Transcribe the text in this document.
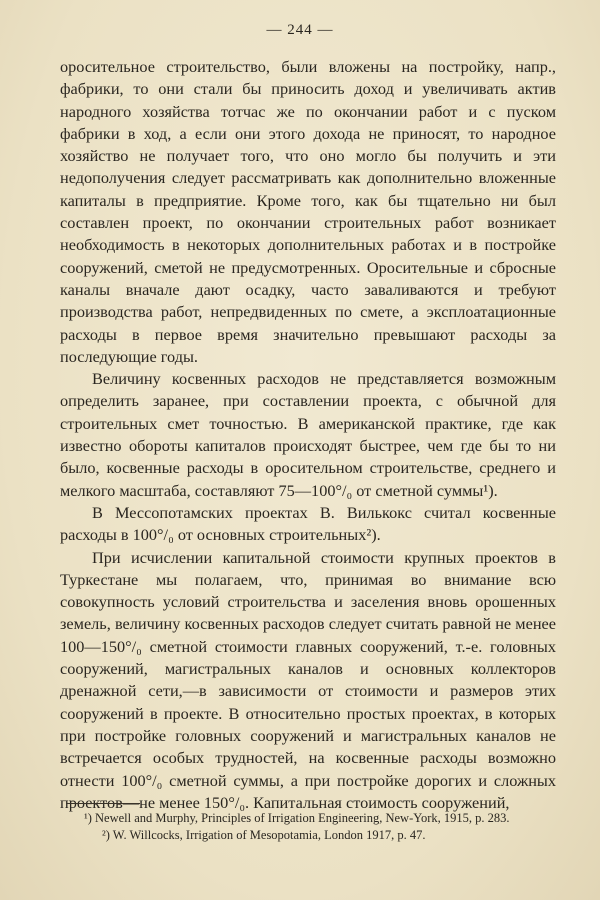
— 244 —

оросительное строительство, были вложены на постройку, напр., фабрики, то они стали бы приносить доход и увеличивать актив народного хозяйства тотчас же по окончании работ и с пуском фабрики в ход, а если они этого дохода не приносят, то народное хозяйство не получает того, что оно могло бы получить и эти недополучения следует рассматривать как дополнительно вложенные капиталы в предприятие. Кроме того, как бы тщательно ни был составлен проект, по окончании строительных работ возникает необходимость в некоторых дополнительных работах и в постройке сооружений, сметой не предусмотренных. Оросительные и сбросные каналы вначале дают осадку, часто заваливаются и требуют производства работ, непредвиденных по смете, а эксплоатационные расходы в первое время значительно превышают расходы за последующие годы.

Величину косвенных расходов не представляется возможным определить заранее, при составлении проекта, с обычной для строительных смет точностью. В американской практике, где как известно обороты капиталов происходят быстрее, чем где бы то ни было, косвенные расходы в оросительном строительстве, среднего и мелкого масштаба, составляют 75—100°/₀ от сметной суммы¹).

В Мессопотамских проектах В. Вилькокс считал косвенные расходы в 100°/₀ от основных строительных²).

При исчислении капитальной стоимости крупных проектов в Туркестане мы полагаем, что, принимая во внимание всю совокупность условий строительства и заселения вновь орошенных земель, величину косвенных расходов следует считать равной не менее 100—150°/₀ сметной стоимости главных сооружений, т.-е. головных сооружений, магистральных каналов и основных коллекторов дренажной сети,—в зависимости от стоимости и размеров этих сооружений в проекте. В относительно простых проектах, в которых при постройке головных сооружений и магистральных каналов не встречается особых трудностей, на косвенные расходы возможно отнести 100°/₀ сметной суммы, а при постройке дорогих и сложных проектов—не менее 150°/₀. Капитальная стоимость сооружений,

¹) Newell and Murphy, Principles of Irrigation Engineering, New-York, 1915, p. 283.

²) W. Willcocks, Irrigation of Mesopotamia, London 1917, p. 47.
